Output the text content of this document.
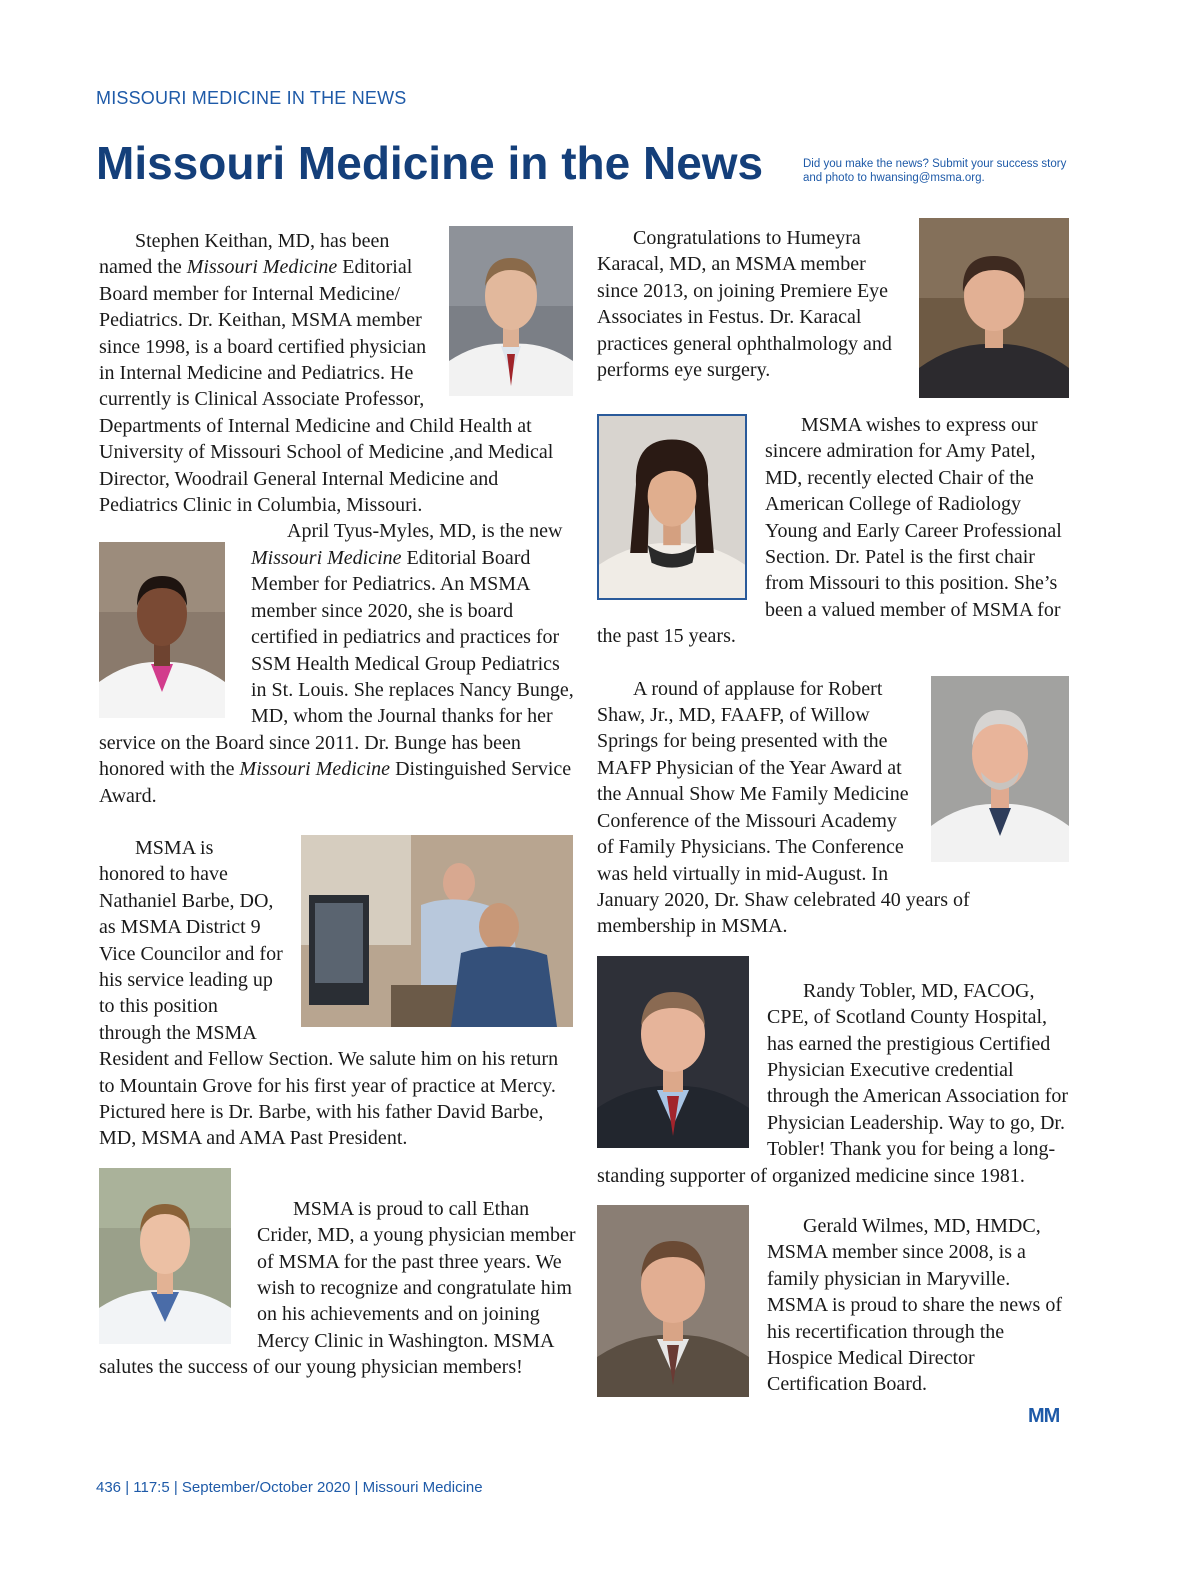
MISSOURI MEDICINE IN THE NEWS
Missouri Medicine in the News	Did you make the news? Submit your success story and photo to hwansing@msma.org.

Stephen Keithan, MD, has been named the Missouri Medicine Editorial Board member for Internal Medicine/ Pediatrics. Dr. Keithan, MSMA member since 1998, is a board certified physician in Internal Medicine and Pediatrics. He currently is Clinical Associate Professor, Departments of Internal Medicine and Child Health at University of Missouri School of Medicine ,and Medical Director, Woodrail General Internal Medicine and Pediatrics Clinic in Columbia, Missouri.

April Tyus-Myles, MD, is the new Missouri Medicine Editorial Board Member for Pediatrics. An MSMA member since 2020, she is board certified in pediatrics and practices for SSM Health Medical Group Pediatrics in St. Louis. She replaces Nancy Bunge, MD, whom the Journal thanks for her service on the Board since 2011. Dr. Bunge has been honored with the Missouri Medicine Distinguished Service Award.

MSMA is honored to have Nathaniel Barbe, DO, as MSMA District 9 Vice Councilor and for his service leading up to this position through the MSMA Resident and Fellow Section. We salute him on his return to Mountain Grove for his first year of practice at Mercy. Pictured here is Dr. Barbe, with his father David Barbe, MD, MSMA and AMA Past President.

MSMA is proud to call Ethan Crider, MD, a young physician member of MSMA for the past three years. We wish to recognize and congratulate him on his achievements and on joining Mercy Clinic in Washington. MSMA salutes the success of our young physician members!

Congratulations to Humeyra Karacal, MD, an MSMA member since 2013, on joining Premiere Eye Associates in Festus. Dr. Karacal practices general ophthalmology and performs eye surgery.

MSMA wishes to express our sincere admiration for Amy Patel, MD, recently elected Chair of the American College of Radiology Young and Early Career Professional Section. Dr. Patel is the first chair from Missouri to this position. She’s been a valued member of MSMA for the past 15 years.

A round of applause for Robert Shaw, Jr., MD, FAAFP, of Willow Springs for being presented with the MAFP Physician of the Year Award at the Annual Show Me Family Medicine Conference of the Missouri Academy of Family Physicians. The Conference was held virtually in mid-August. In January 2020, Dr. Shaw celebrated 40 years of membership in MSMA.

Randy Tobler, MD, FACOG, CPE, of Scotland County Hospital, has earned the prestigious Certified Physician Executive credential through the American Association for Physician Leadership. Way to go, Dr. Tobler! Thank you for being a long-standing supporter of organized medicine since 1981.

Gerald Wilmes, MD, HMDC, MSMA member since 2008, is a family physician in Maryville. MSMA is proud to share the news of his recertification through the Hospice Medical Director Certification Board.

MM
436 | 117:5 | September/October 2020 | Missouri Medicine
